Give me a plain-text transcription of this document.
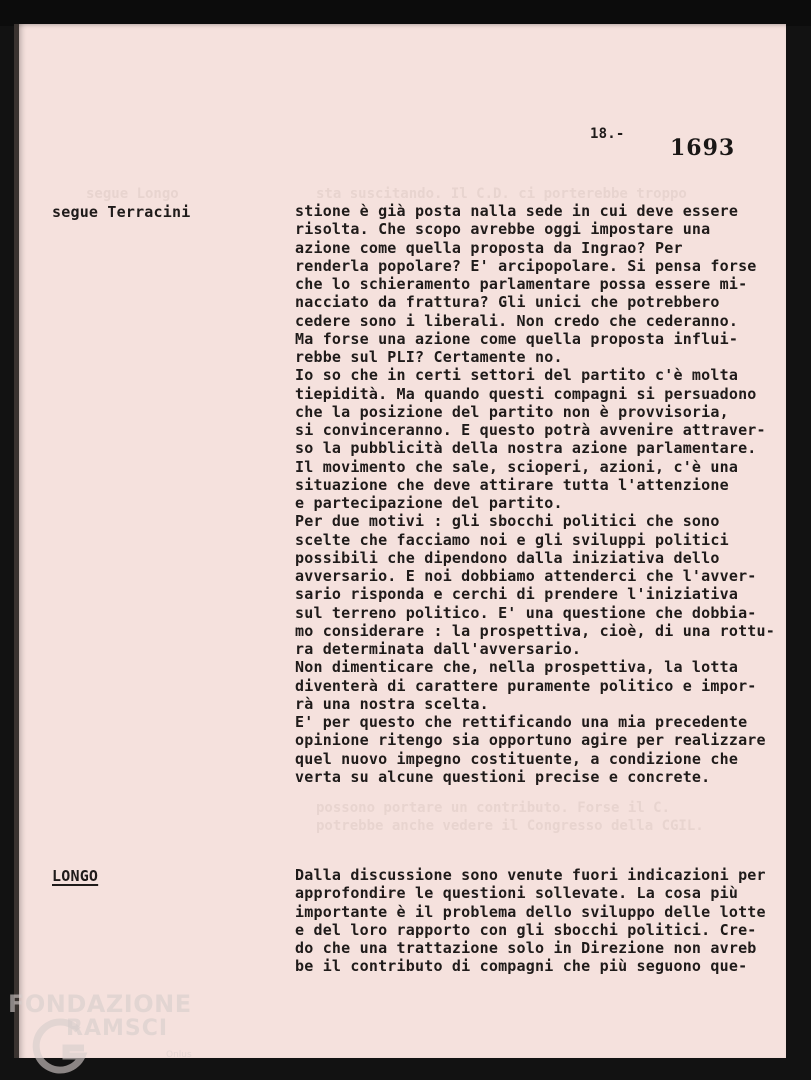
segue Longo	sta suscitando. Il C.D. ci porterebbe troppo
possono portare un contributo. Forse il C.
potrebbe anche vedere il Congresso della CGIL.
18.-
1693
segue Terracini	stione è già posta nalla sede in cui deve essere
risolta. Che scopo avrebbe oggi impostare una
azione come quella proposta da Ingrao? Per
renderla popolare? E' arcipopolare. Si pensa forse
che lo schieramento parlamentare possa essere mi-
nacciato da frattura? Gli unici che potrebbero
cedere sono i liberali. Non credo che cederanno.
Ma forse una azione come quella proposta influi-
rebbe sul PLI? Certamente no.
Io so che in certi settori del partito c'è molta
tiepidità. Ma quando questi compagni si persuadono
che la posizione del partito non è provvisoria,
si convinceranno. E questo potrà avvenire attraver-
so la pubblicità della nostra azione parlamentare.
Il movimento che sale, scioperi, azioni, c'è una
situazione che deve attirare tutta l'attenzione
e partecipazione del partito.
Per due motivi : gli sbocchi politici che sono
scelte che facciamo noi e gli sviluppi politici
possibili che dipendono dalla iniziativa dello
avversario. E noi dobbiamo attenderci che l'avver-
sario risponda e cerchi di prendere l'iniziativa
sul terreno politico. E' una questione che dobbia-
mo considerare : la prospettiva, cioè, di una rottu-
ra determinata dall'avversario.
Non dimenticare che, nella prospettiva, la lotta
diventerà di carattere puramente politico e impor-
rà una nostra scelta.
E' per questo che rettificando una mia precedente
opinione ritengo sia opportuno agire per realizzare
quel nuovo impegno costituente, a condizione che
verta su alcune questioni precise e concrete.
LONGO	Dalla discussione sono venute fuori indicazioni per
approfondire le questioni sollevate. La cosa più
importante è il problema dello sviluppo delle lotte
e del loro rapporto con gli sbocchi politici. Cre-
do che una trattazione solo in Direzione non avreb
be il contributo di compagni che più seguono que-
FONDAZIONE
RAMSCI
Onlus
